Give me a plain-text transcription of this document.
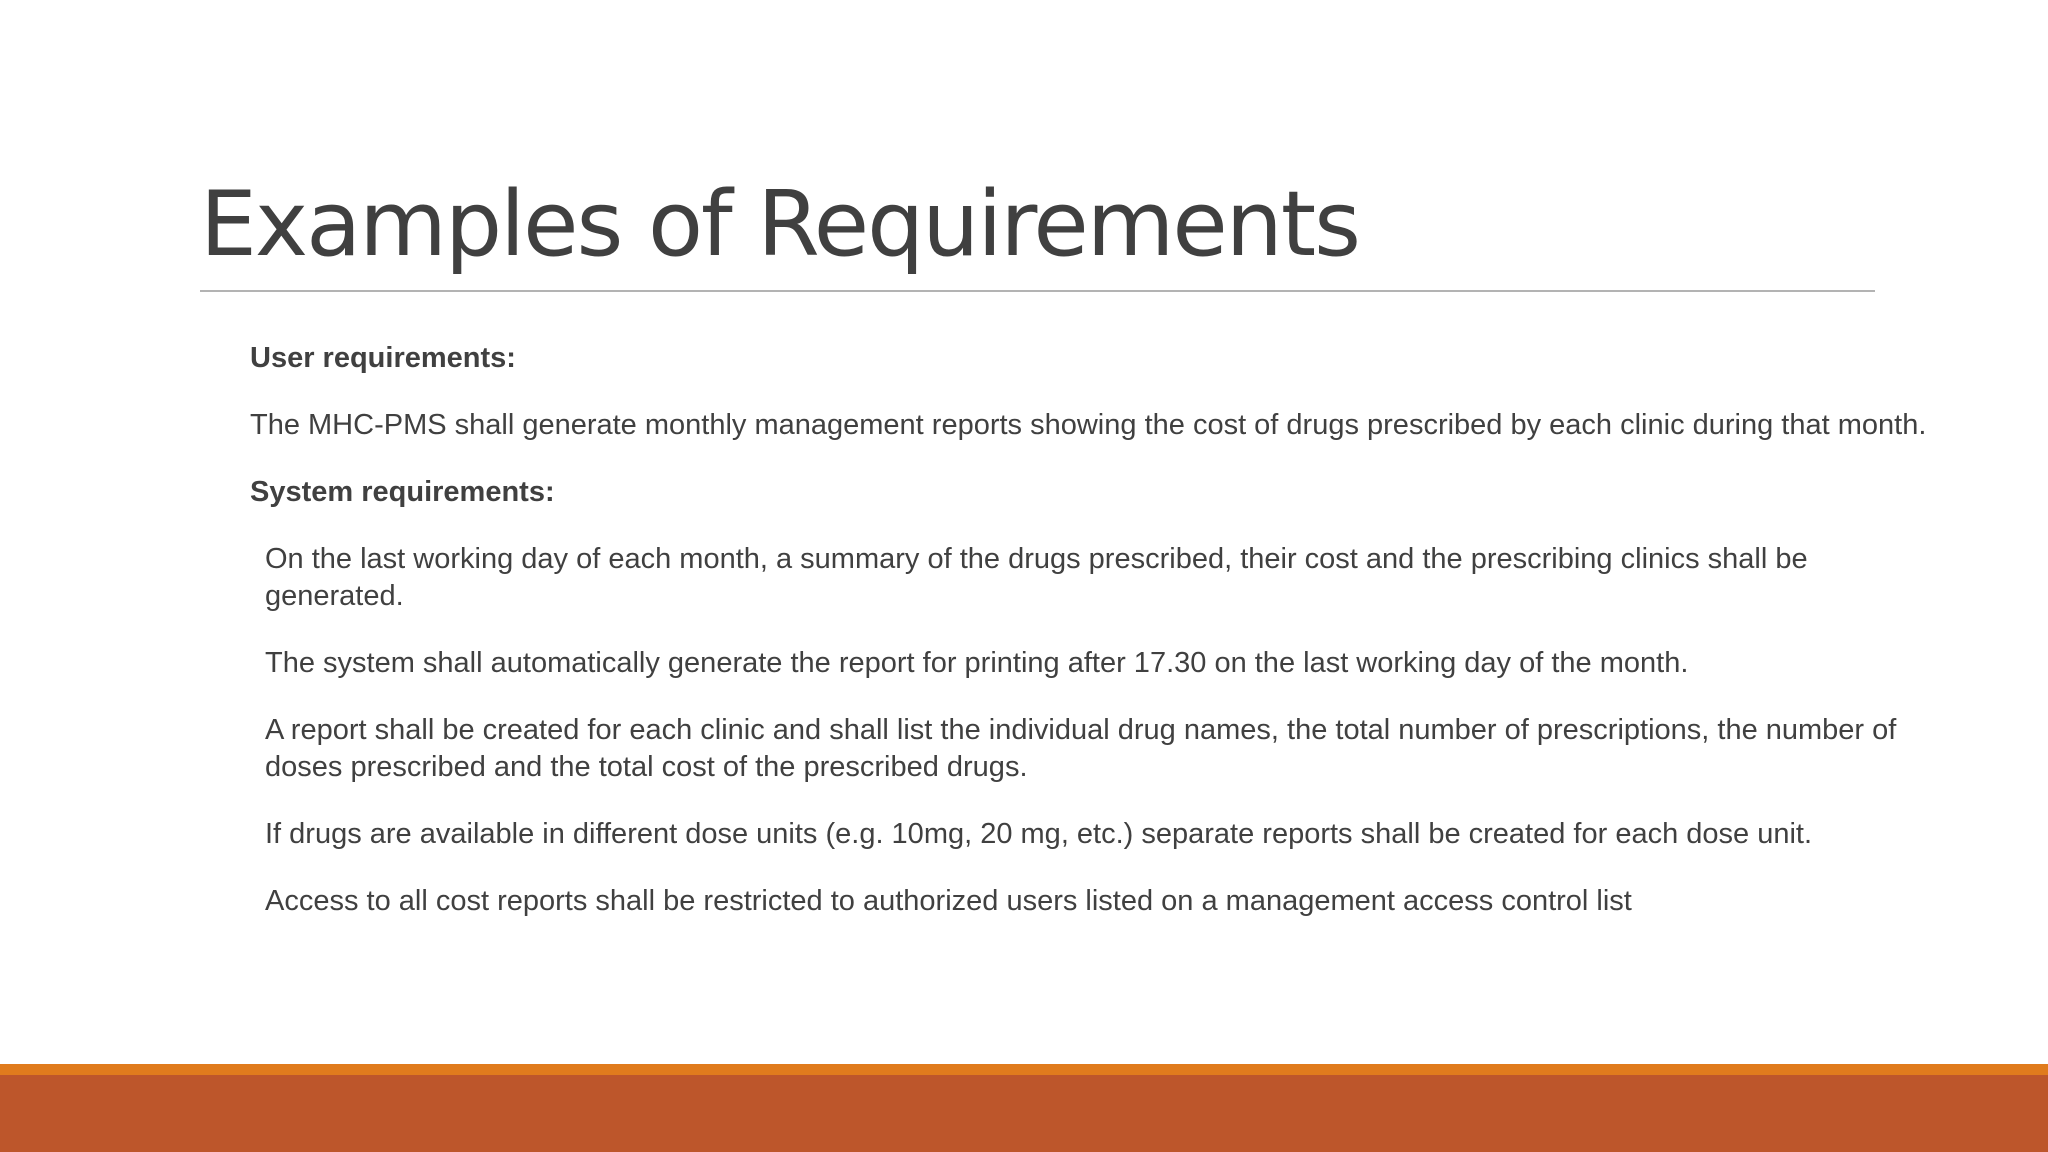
Examples of Requirements

User requirements:

The MHC-PMS shall generate monthly management reports showing the cost of drugs prescribed by each clinic during that month.

System requirements:

On the last working day of each month, a summary of the drugs prescribed, their cost and the prescribing clinics shall be generated.
The system shall automatically generate the report for printing after 17.30 on the last working day of the month.
A report shall be created for each clinic and shall list the individual drug names, the total number of prescriptions, the number of doses prescribed and the total cost of the prescribed drugs.
If drugs are available in different dose units (e.g. 10mg, 20 mg, etc.) separate reports shall be created for each dose unit.
Access to all cost reports shall be restricted to authorized users listed on a management access control list
